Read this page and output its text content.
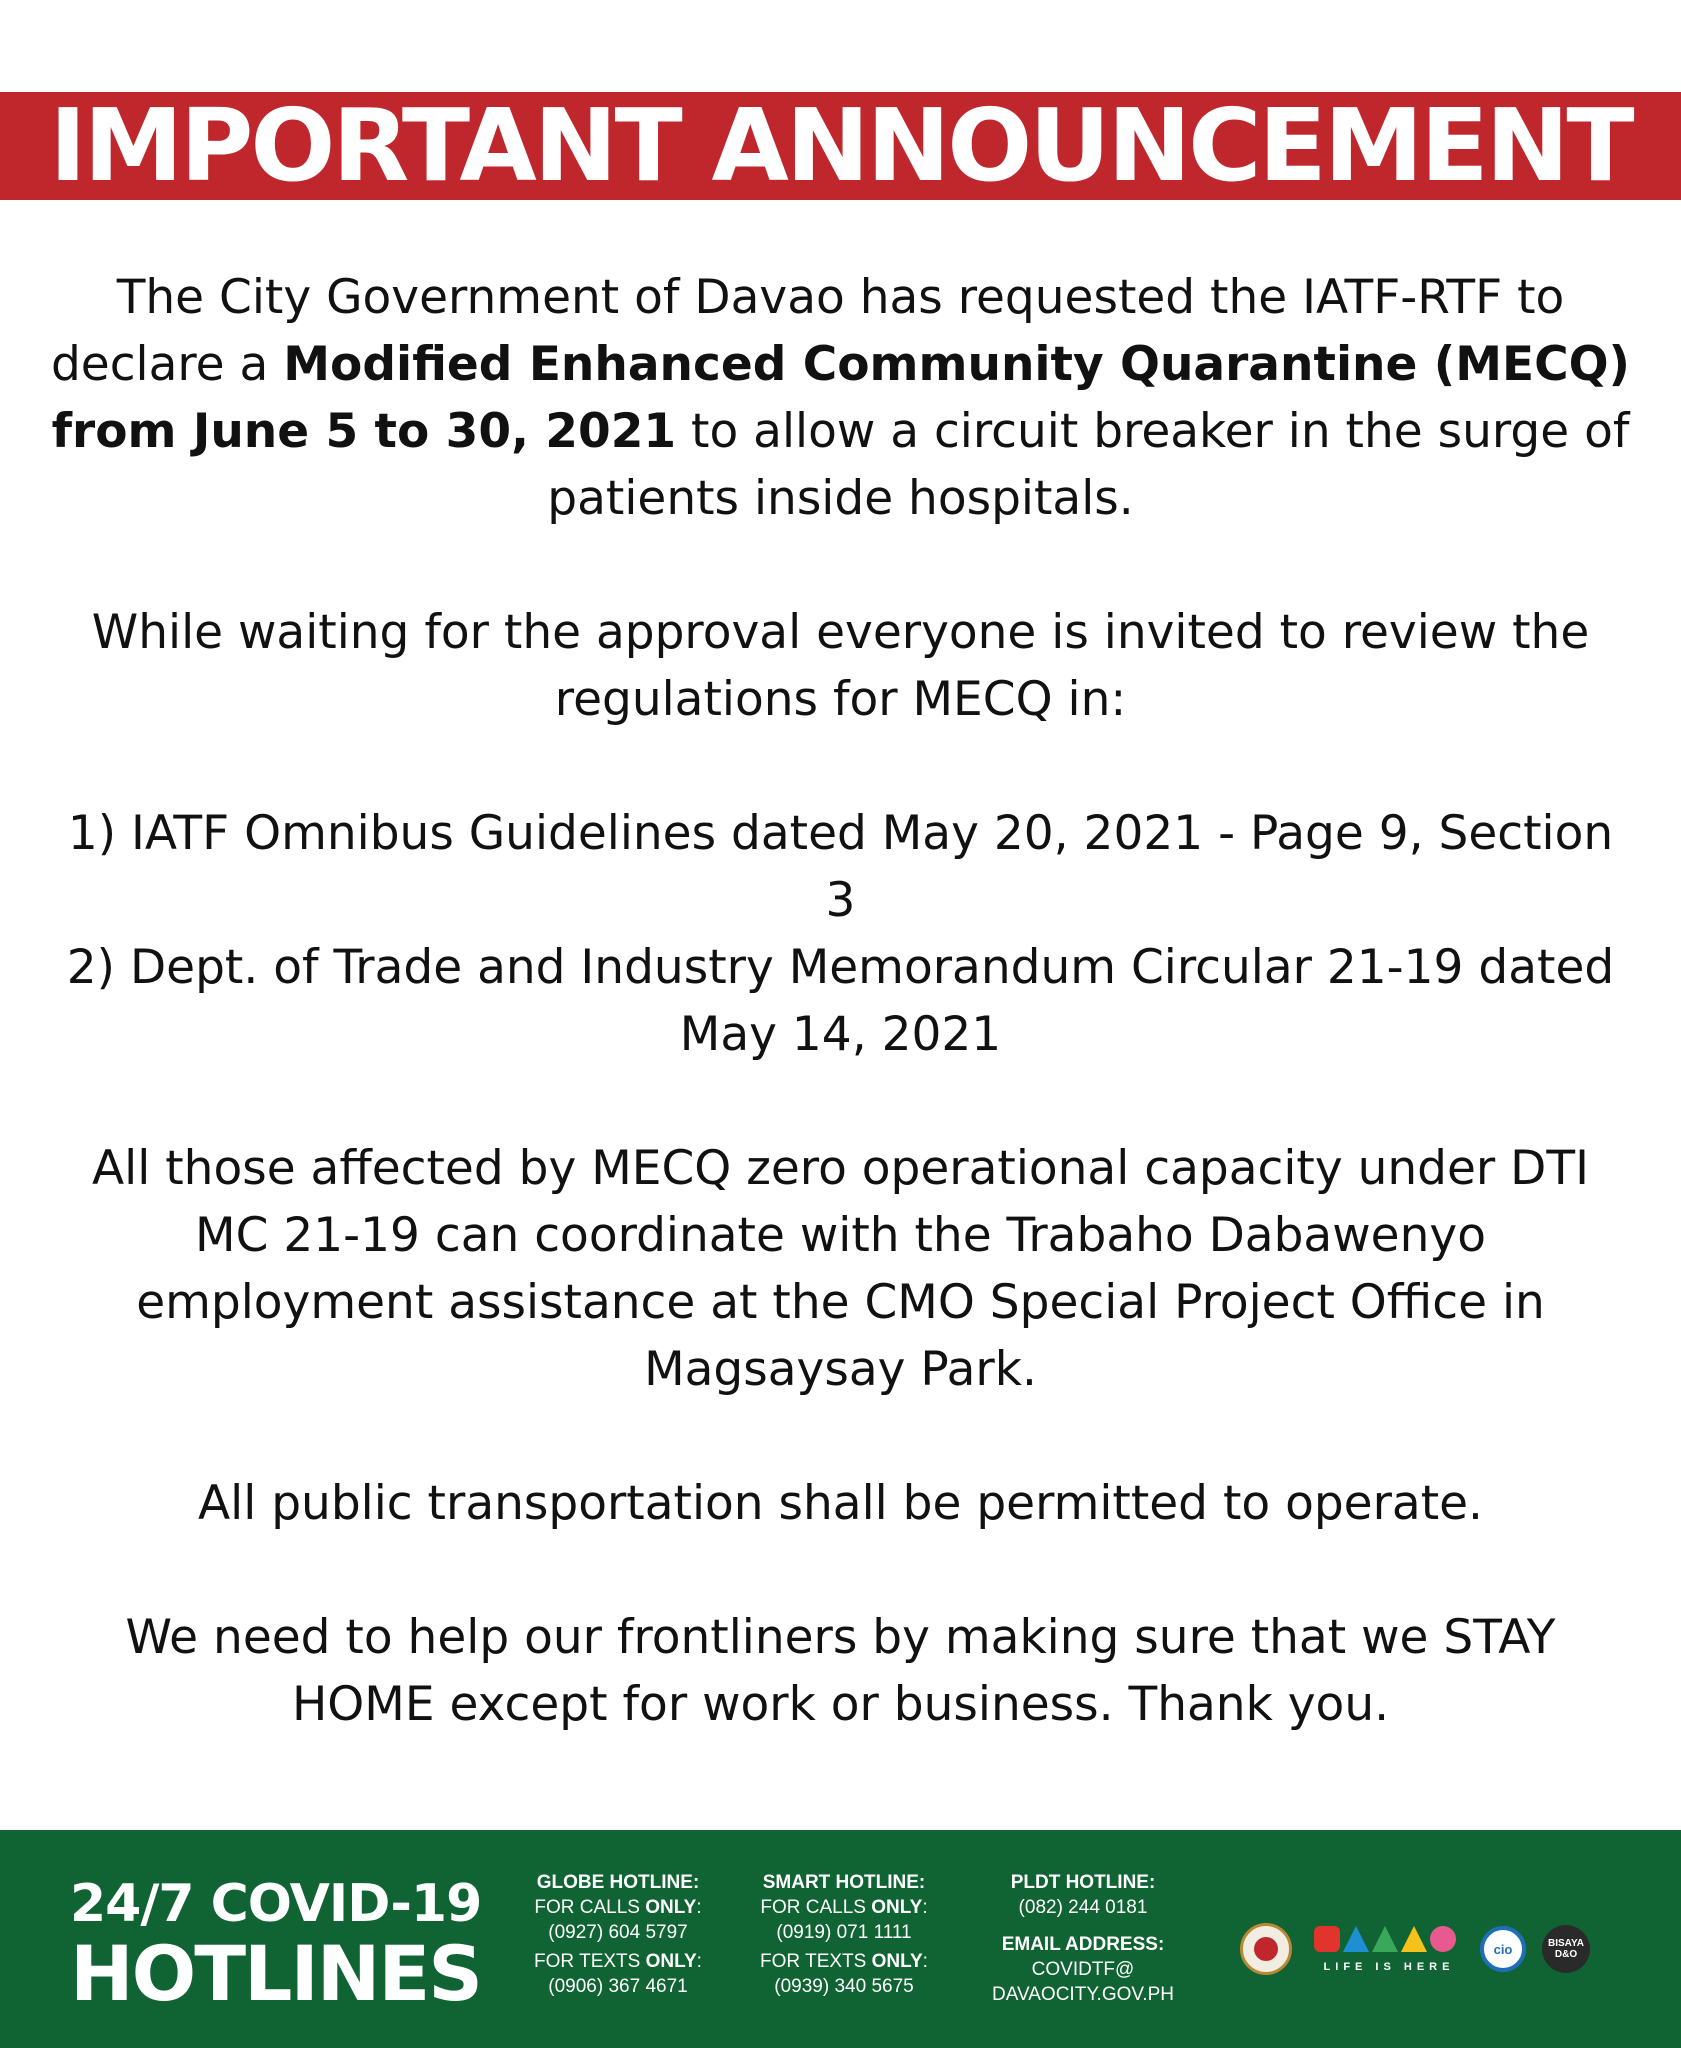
IMPORTANT ANNOUNCEMENT

The City Government of Davao has requested the IATF-RTF to declare a Modified Enhanced Community Quarantine (MECQ) from June 5 to 30, 2021 to allow a circuit breaker in the surge of patients inside hospitals.

While waiting for the approval everyone is invited to review the regulations for MECQ in:

1) IATF Omnibus Guidelines dated May 20, 2021 - Page 9, Section 3

2) Dept. of Trade and Industry Memorandum Circular 21-19 dated May 14, 2021

All those affected by MECQ zero operational capacity under DTI MC 21-19 can coordinate with the Trabaho Dabawenyo employment assistance at the CMO Special Project Office in Magsaysay Park.

All public transportation shall be permitted to operate.

We need to help our frontliners by making sure that we STAY HOME except for work or business. Thank you.

24/7 COVID-19
HOTLINES
GLOBE HOTLINE:
FOR CALLS ONLY:
(0927) 604 5797
FOR TEXTS ONLY:
(0906) 367 4671
SMART HOTLINE:
FOR CALLS ONLY:
(0919) 071 1111
FOR TEXTS ONLY:
(0939) 340 5675
PLDT HOTLINE:
(082) 244 0181
EMAIL ADDRESS:
COVIDTF@
DAVAOCITY.GOV.PH
LIFE IS HERE
cio	BISAYA
D&O
